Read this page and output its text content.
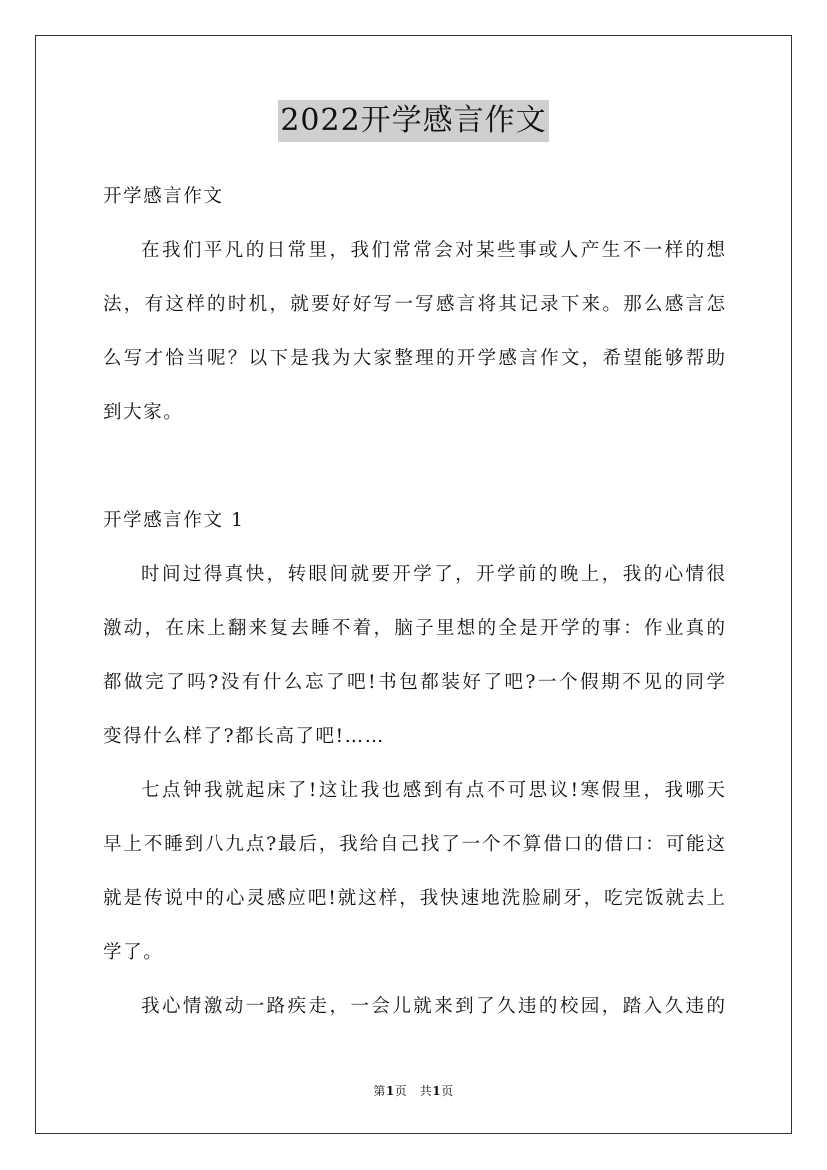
2022开学感言作文
开学感言作文
在我们平凡的日常里，我们常常会对某些事或人产生不一样的想
法，有这样的时机，就要好好写一写感言将其记录下来。那么感言怎
么写才恰当呢？以下是我为大家整理的开学感言作文，希望能够帮助
到大家。
开学感言作文 1
时间过得真快，转眼间就要开学了，开学前的晚上，我的心情很
激动，在床上翻来复去睡不着，脑子里想的全是开学的事：作业真的
都做完了吗?没有什么忘了吧!书包都装好了吧?一个假期不见的同学
变得什么样了?都长高了吧!……
七点钟我就起床了!这让我也感到有点不可思议!寒假里，我哪天
早上不睡到八九点?最后，我给自己找了一个不算借口的借口：可能这
就是传说中的心灵感应吧!就这样，我快速地洗脸刷牙，吃完饭就去上
学了。
我心情激动一路疾走，一会儿就来到了久违的校园，踏入久违的
第1页　共1页
